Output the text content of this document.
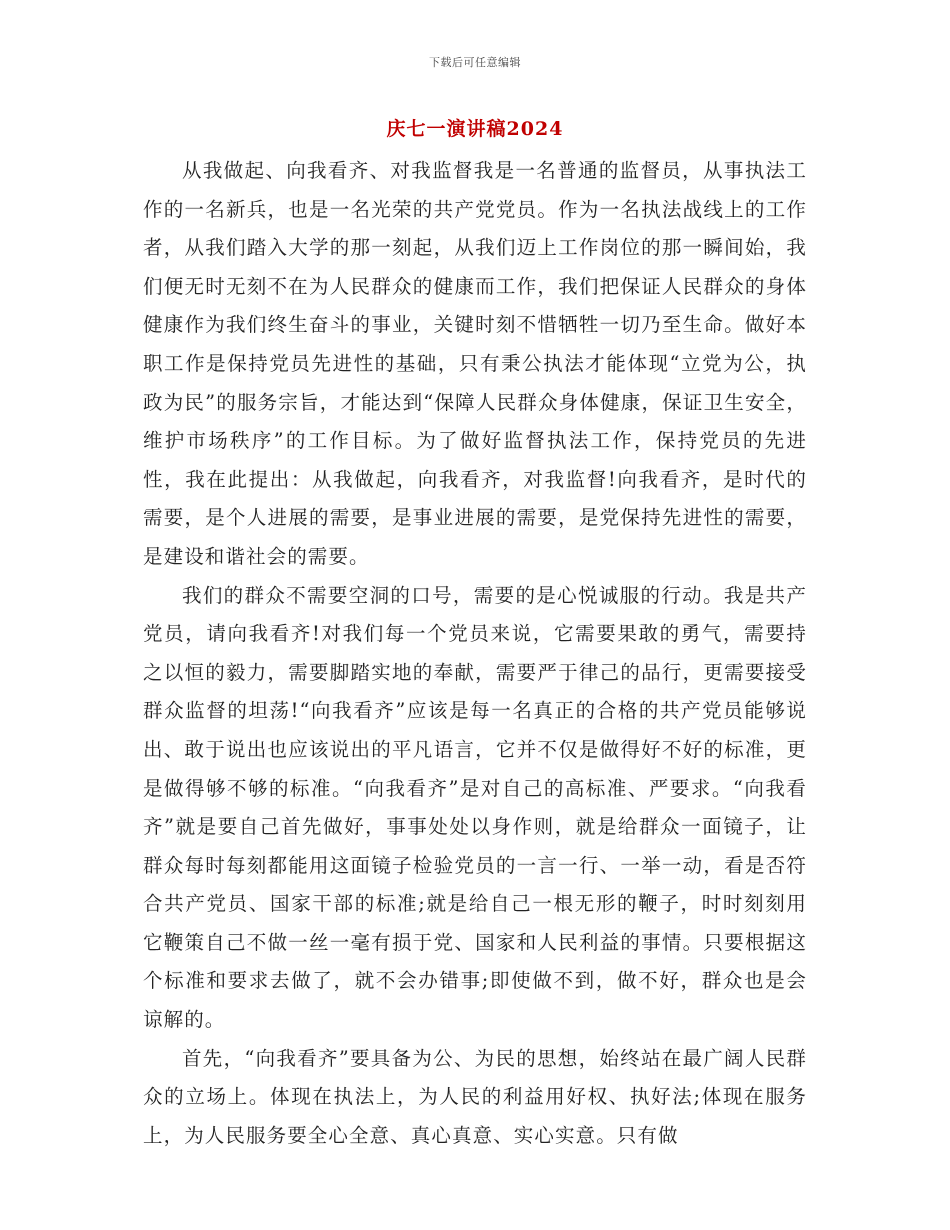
下载后可任意编辑
庆七一演讲稿2024

从我做起、向我看齐、对我监督我是一名普通的监督员，从事执法工作的一名新兵，也是一名光荣的共产党党员。作为一名执法战线上的工作者，从我们踏入大学的那一刻起，从我们迈上工作岗位的那一瞬间始，我们便无时无刻不在为人民群众的健康而工作，我们把保证人民群众的身体健康作为我们终生奋斗的事业，关键时刻不惜牺牲一切乃至生命。做好本职工作是保持党员先进性的基础，只有秉公执法才能体现“立党为公，执政为民”的服务宗旨，才能达到“保障人民群众身体健康，保证卫生安全，维护市场秩序”的工作目标。为了做好监督执法工作，保持党员的先进性，我在此提出：从我做起，向我看齐，对我监督!向我看齐，是时代的需要，是个人进展的需要，是事业进展的需要，是党保持先进性的需要，是建设和谐社会的需要。

我们的群众不需要空洞的口号，需要的是心悦诚服的行动。我是共产党员，请向我看齐!对我们每一个党员来说，它需要果敢的勇气，需要持之以恒的毅力，需要脚踏实地的奉献，需要严于律己的品行，更需要接受群众监督的坦荡!“向我看齐”应该是每一名真正的合格的共产党员能够说出、敢于说出也应该说出的平凡语言，它并不仅是做得好不好的标准，更是做得够不够的标准。“向我看齐”是对自己的高标准、严要求。“向我看齐”就是要自己首先做好，事事处处以身作则，就是给群众一面镜子，让群众每时每刻都能用这面镜子检验党员的一言一行、一举一动，看是否符合共产党员、国家干部的标准;就是给自己一根无形的鞭子，时时刻刻用它鞭策自己不做一丝一毫有损于党、国家和人民利益的事情。只要根据这个标准和要求去做了，就不会办错事;即使做不到，做不好，群众也是会谅解的。

首先，“向我看齐”要具备为公、为民的思想，始终站在最广阔人民群众的立场上。体现在执法上，为人民的利益用好权、执好法;体现在服务上，为人民服务要全心全意、真心真意、实心实意。只有做
